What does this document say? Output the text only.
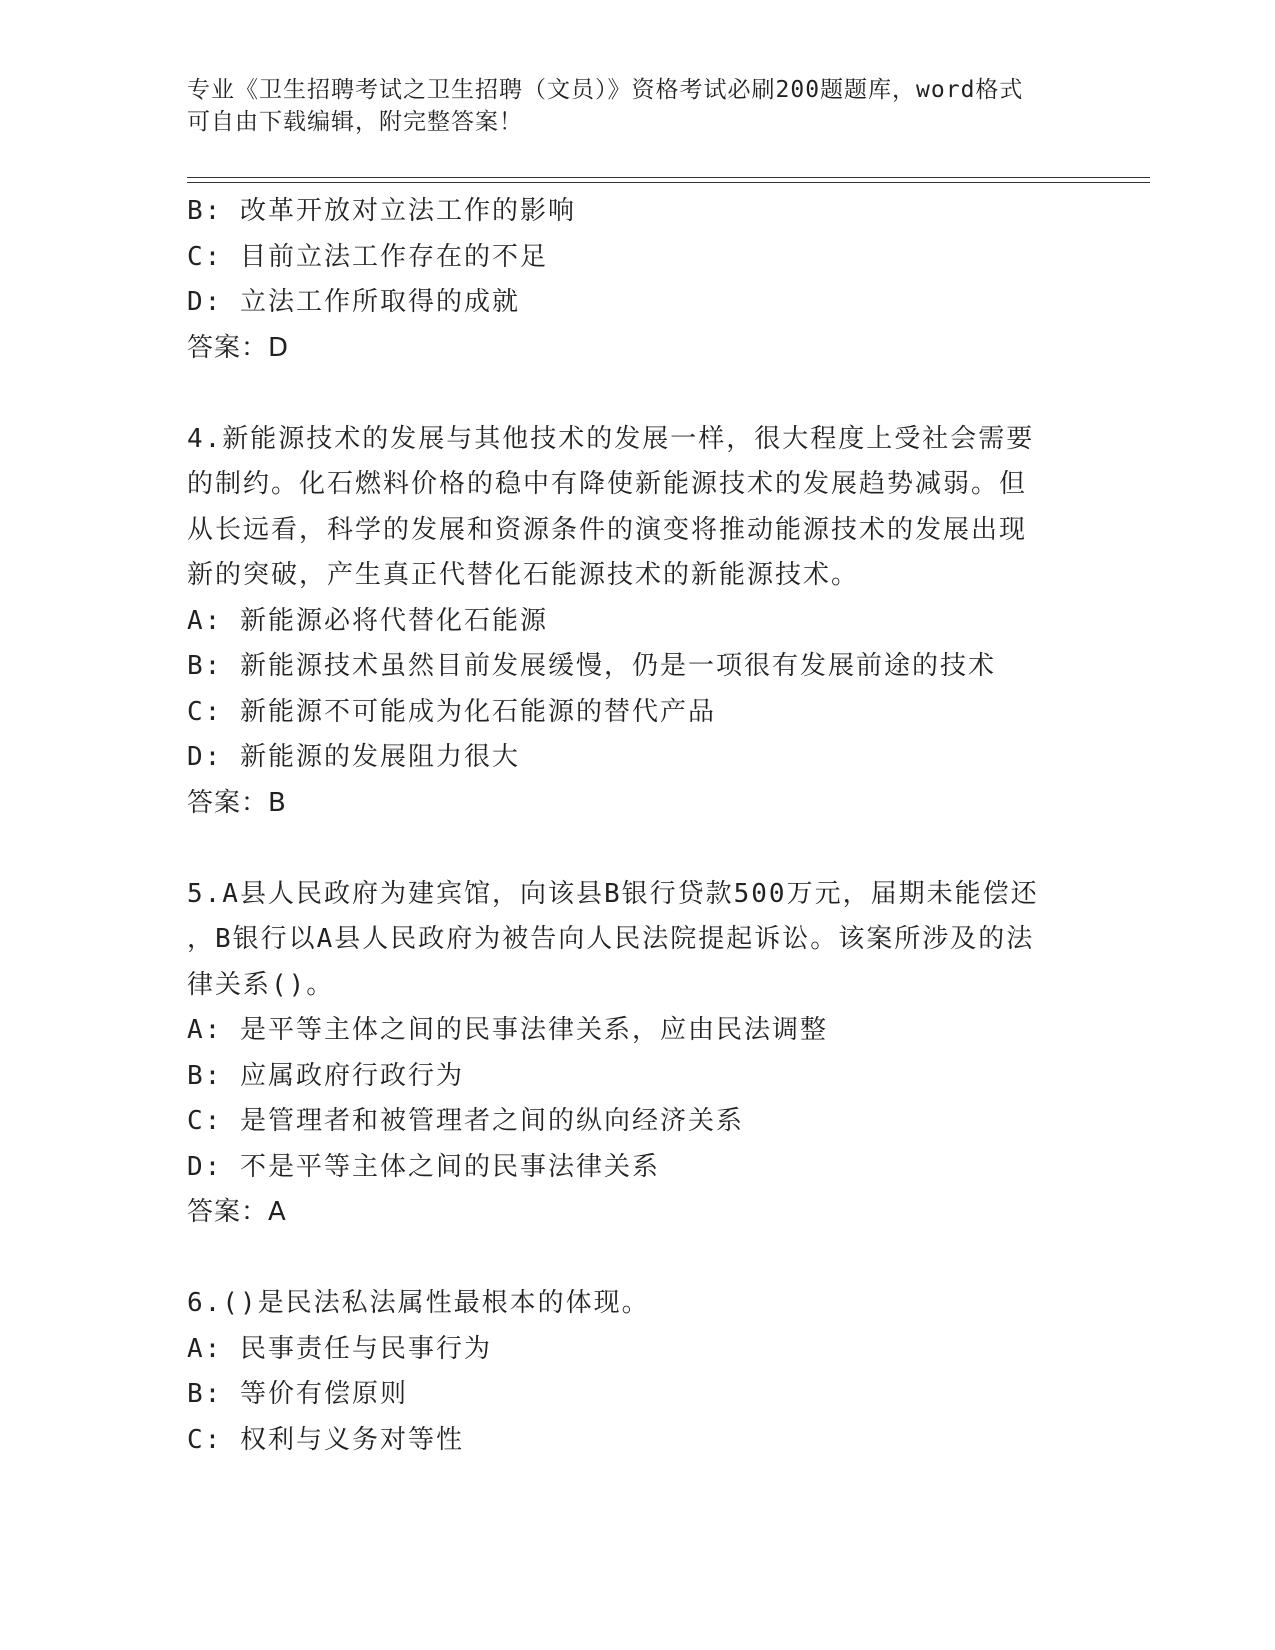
专业《卫生招聘考试之卫生招聘（文员）》资格考试必刷200题题库，word格式
可自由下载编辑，附完整答案！
B: 改革开放对立法工作的影响
C: 目前立法工作存在的不足
D: 立法工作所取得的成就
答案：D
4.新能源技术的发展与其他技术的发展一样，很大程度上受社会需要
的制约。化石燃料价格的稳中有降使新能源技术的发展趋势减弱。但
从长远看，科学的发展和资源条件的演变将推动能源技术的发展出现
新的突破，产生真正代替化石能源技术的新能源技术。
A: 新能源必将代替化石能源
B: 新能源技术虽然目前发展缓慢，仍是一项很有发展前途的技术
C: 新能源不可能成为化石能源的替代产品
D: 新能源的发展阻力很大
答案：B
5.A县人民政府为建宾馆，向该县B银行贷款500万元，届期未能偿还
，B银行以A县人民政府为被告向人民法院提起诉讼。该案所涉及的法
律关系()。
A: 是平等主体之间的民事法律关系，应由民法调整
B: 应属政府行政行为
C: 是管理者和被管理者之间的纵向经济关系
D: 不是平等主体之间的民事法律关系
答案：A
6.()是民法私法属性最根本的体现。
A: 民事责任与民事行为
B: 等价有偿原则
C: 权利与义务对等性
